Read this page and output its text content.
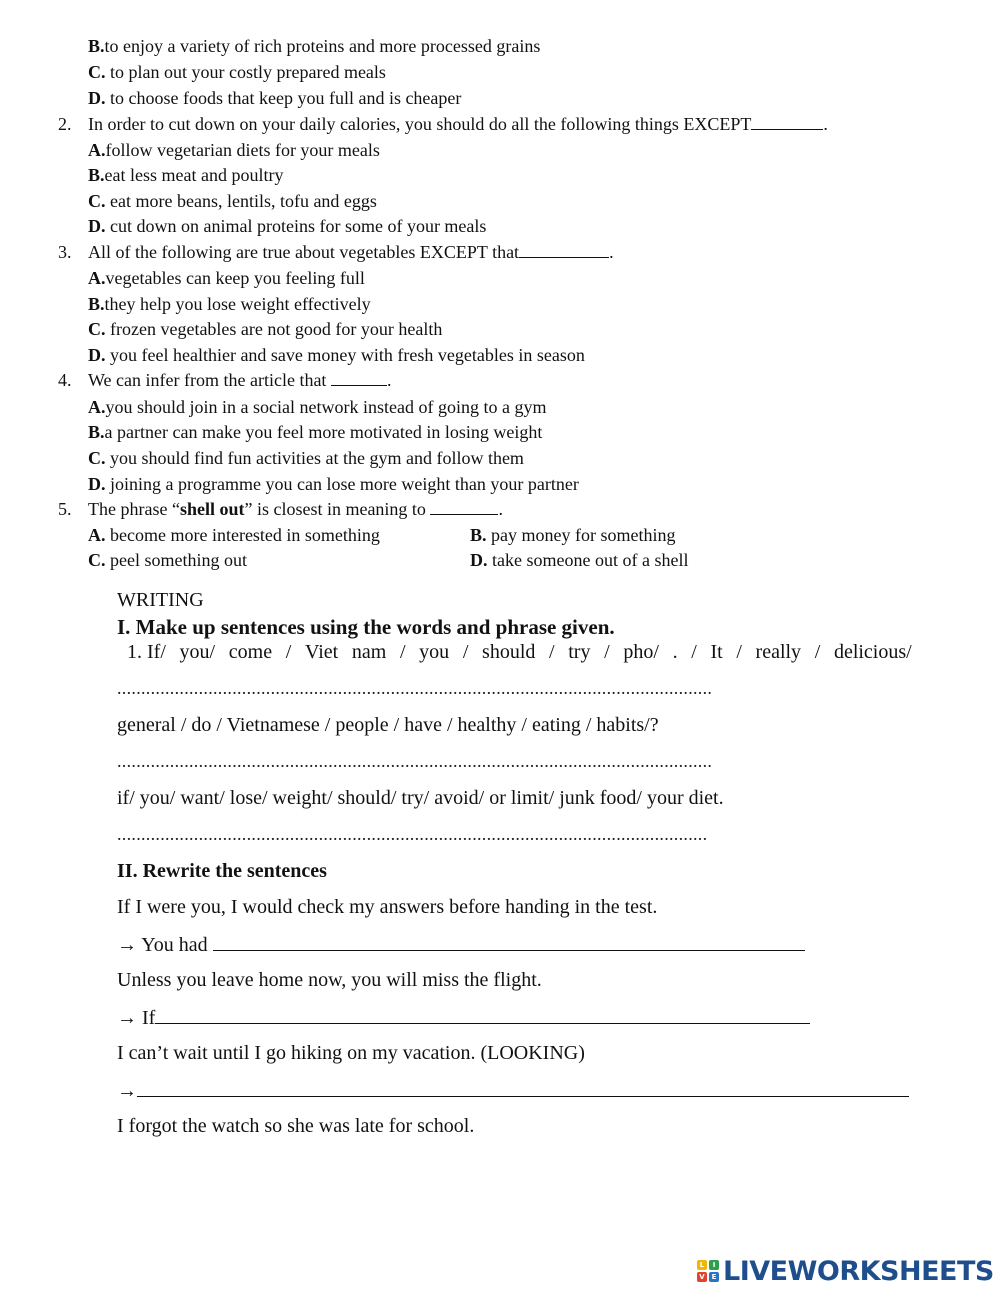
B.to enjoy a variety of rich proteins and more processed grains
C. to plan out your costly prepared meals
D. to choose foods that keep you full and is cheaper
2. In order to cut down on your daily calories, you should do all the following things EXCEPT	.
A.follow vegetarian diets for your meals
B.eat less meat and poultry
C. eat more beans, lentils, tofu and eggs
D. cut down on animal proteins for some of your meals
3. All of the following are true about vegetables EXCEPT that	.
A.vegetables can keep you feeling full
B.they help you lose weight effectively
C. frozen vegetables are not good for your health
D. you feel healthier and save money with fresh vegetables in season
4. We can infer from the article that	.
A.you should join in a social network instead of going to a gym
B.a partner can make you feel more motivated in losing weight
C. you should find fun activities at the gym and follow them
D. joining a programme you can lose more weight than your partner
5. The phrase “shell out” is closest in meaning to	.
A. become more interested in something	B. pay money for something
C. peel something out	D. take someone out of a shell
WRITING
I. Make up sentences using the words and phrase given.
1. If/ you/ come / Viet nam / you / should / try / pho/ . / It / really / delicious/
............................................................................................................................
general / do / Vietnamese / people / have / healthy / eating / habits/?
............................................................................................................................
if/ you/ want/ lose/ weight/ should/ try/ avoid/ or limit/ junk food/ your diet.
...........................................................................................................................
II. Rewrite the sentences
If I were you, I would check my answers before handing in the test.
→ You had
Unless you leave home now, you will miss the flight.
→ If
I can’t wait until I go hiking on my vacation. (LOOKING)
→
I forgot the watch so she was late for school.
L	I
V E LIVEWORKSHEETS
